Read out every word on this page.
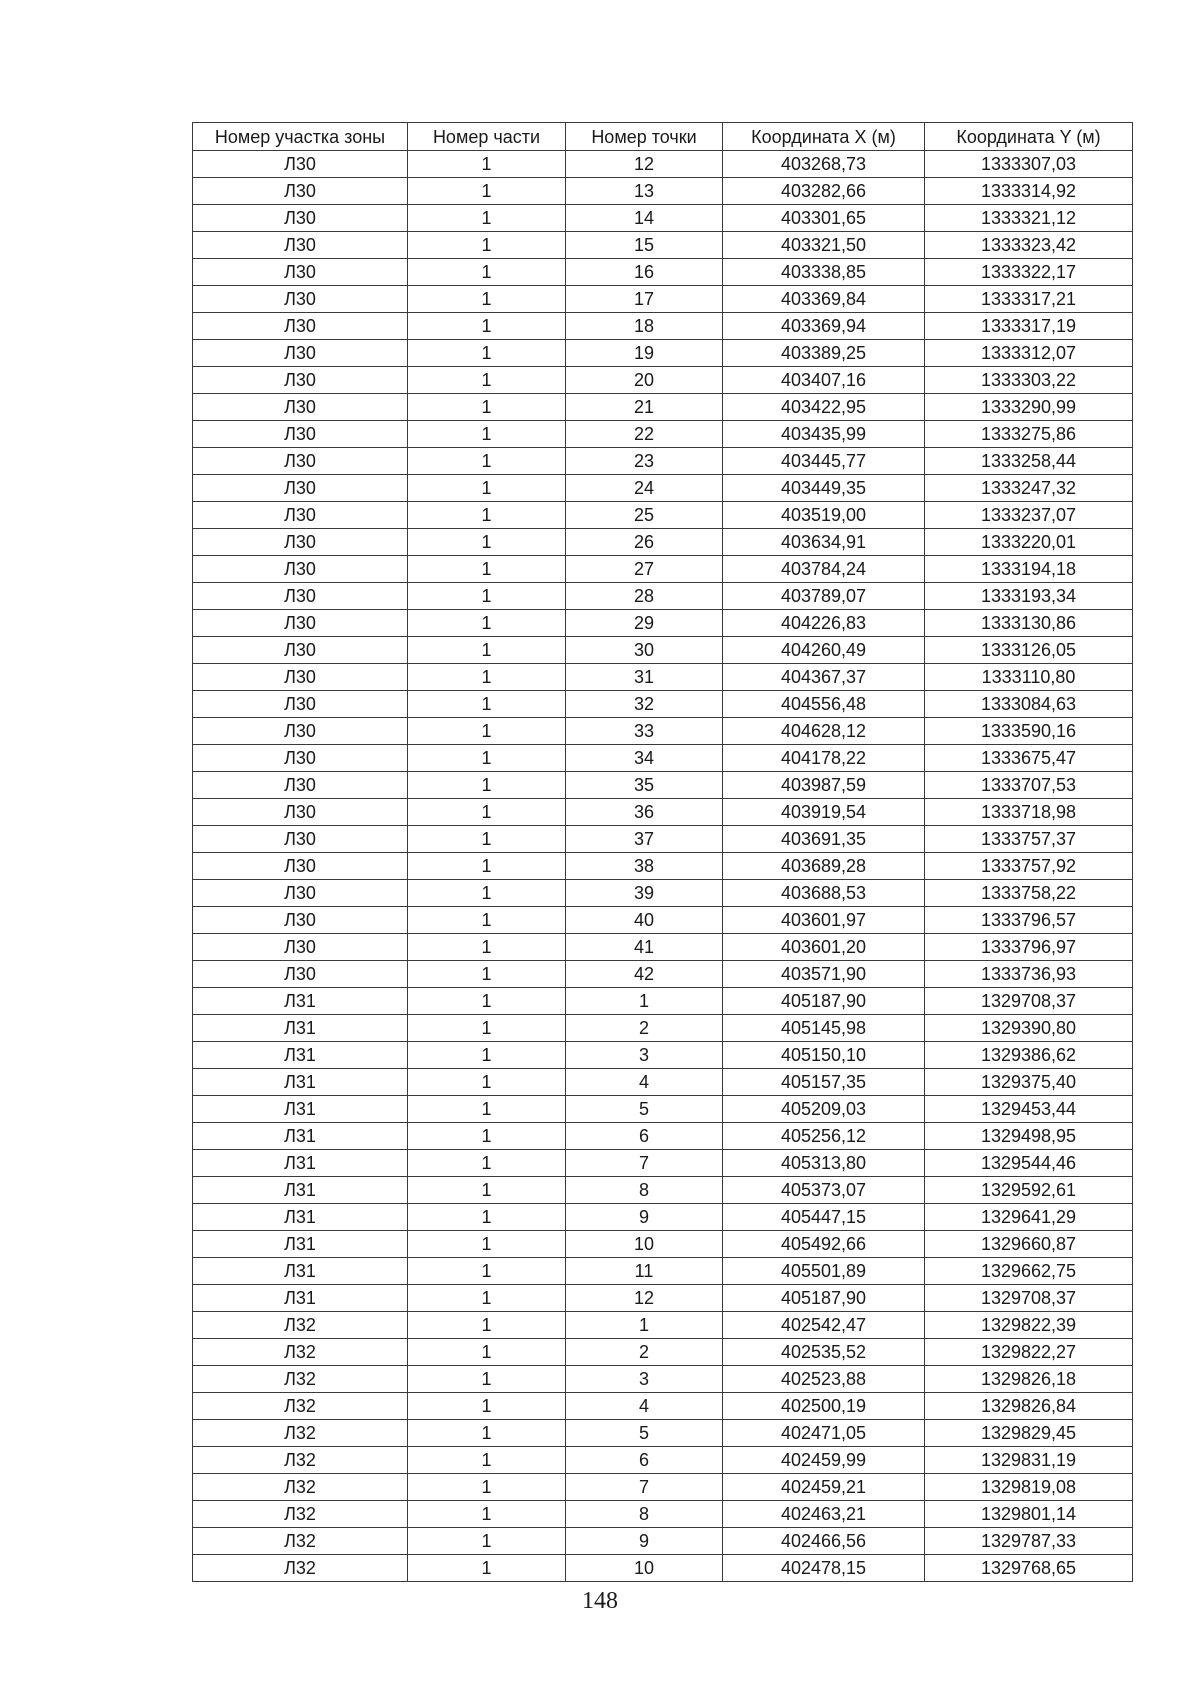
Номер участка зоны	Номер части	Номер точки	Координата X (м)	Координата Y (м)
Л30	1	12	403268,73	1333307,03
Л30	1	13	403282,66	1333314,92
Л30	1	14	403301,65	1333321,12
Л30	1	15	403321,50	1333323,42
Л30	1	16	403338,85	1333322,17
Л30	1	17	403369,84	1333317,21
Л30	1	18	403369,94	1333317,19
Л30	1	19	403389,25	1333312,07
Л30	1	20	403407,16	1333303,22
Л30	1	21	403422,95	1333290,99
Л30	1	22	403435,99	1333275,86
Л30	1	23	403445,77	1333258,44
Л30	1	24	403449,35	1333247,32
Л30	1	25	403519,00	1333237,07
Л30	1	26	403634,91	1333220,01
Л30	1	27	403784,24	1333194,18
Л30	1	28	403789,07	1333193,34
Л30	1	29	404226,83	1333130,86
Л30	1	30	404260,49	1333126,05
Л30	1	31	404367,37	1333110,80
Л30	1	32	404556,48	1333084,63
Л30	1	33	404628,12	1333590,16
Л30	1	34	404178,22	1333675,47
Л30	1	35	403987,59	1333707,53
Л30	1	36	403919,54	1333718,98
Л30	1	37	403691,35	1333757,37
Л30	1	38	403689,28	1333757,92
Л30	1	39	403688,53	1333758,22
Л30	1	40	403601,97	1333796,57
Л30	1	41	403601,20	1333796,97
Л30	1	42	403571,90	1333736,93
Л31	1	1	405187,90	1329708,37
Л31	1	2	405145,98	1329390,80
Л31	1	3	405150,10	1329386,62
Л31	1	4	405157,35	1329375,40
Л31	1	5	405209,03	1329453,44
Л31	1	6	405256,12	1329498,95
Л31	1	7	405313,80	1329544,46
Л31	1	8	405373,07	1329592,61
Л31	1	9	405447,15	1329641,29
Л31	1	10	405492,66	1329660,87
Л31	1	11	405501,89	1329662,75
Л31	1	12	405187,90	1329708,37
Л32	1	1	402542,47	1329822,39
Л32	1	2	402535,52	1329822,27
Л32	1	3	402523,88	1329826,18
Л32	1	4	402500,19	1329826,84
Л32	1	5	402471,05	1329829,45
Л32	1	6	402459,99	1329831,19
Л32	1	7	402459,21	1329819,08
Л32	1	8	402463,21	1329801,14
Л32	1	9	402466,56	1329787,33
Л32	1	10	402478,15	1329768,65
148
